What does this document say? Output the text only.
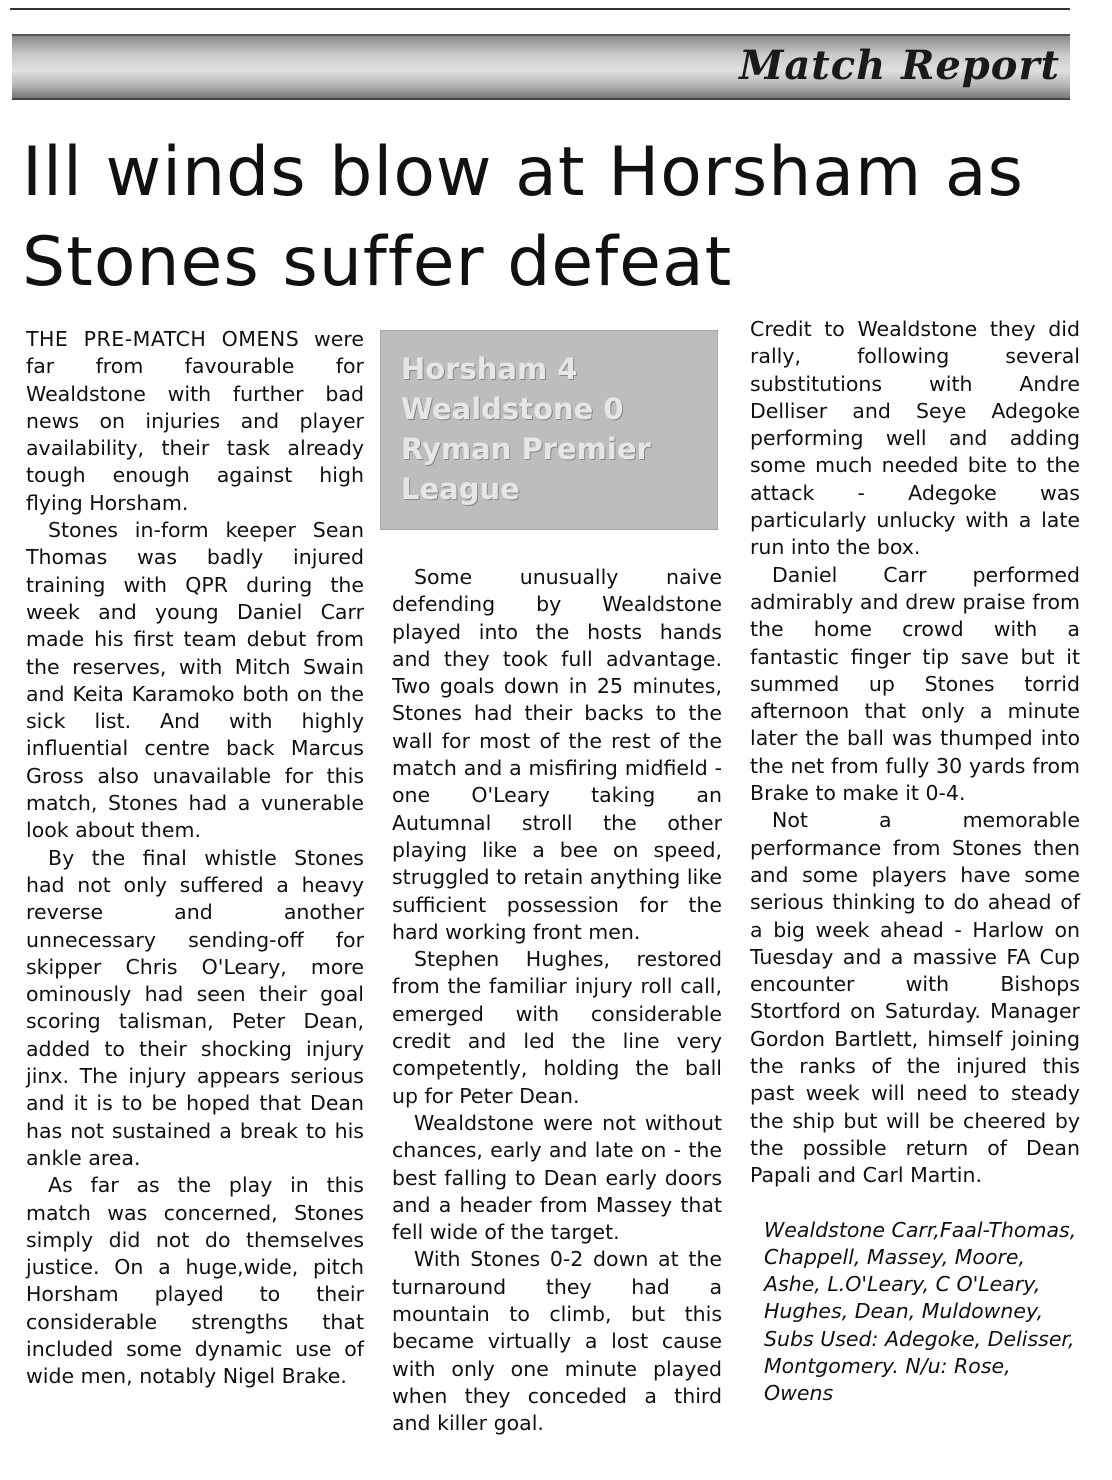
Match Report
Ill winds blow at Horsham as Stones suffer defeat

THE PRE-MATCH OMENS were far from favourable for Wealdstone with further bad news on injuries and player availability, their task already tough enough against high flying Horsham.

Stones in-form keeper Sean Thomas was badly injured training with QPR during the week and young Daniel Carr made his first team debut from the reserves, with Mitch Swain and Keita Karamoko both on the sick list. And with highly influential centre back Marcus Gross also unavailable for this match, Stones had a vunerable look about them.

By the final whistle Stones had not only suffered a heavy reverse and another unnecessary sending-off for skipper Chris O'Leary, more ominously had seen their goal scoring talisman, Peter Dean, added to their shocking injury jinx. The injury appears serious and it is to be hoped that Dean has not sustained a break to his ankle area.

As far as the play in this match was concerned, Stones simply did not do themselves justice. On a huge,wide, pitch Horsham played to their considerable strengths that included some dynamic use of wide men, notably Nigel Brake.

Horsham 4
Wealdstone 0
Ryman Premier
League

Some unusually naive defending by Wealdstone played into the hosts hands and they took full advantage. Two goals down in 25 minutes, Stones had their backs to the wall for most of the rest of the match and a misfiring midfield - one O'Leary taking an Autumnal stroll the other playing like a bee on speed, struggled to retain anything like sufficient possession for the hard working front men.

Stephen Hughes, restored from the familiar injury roll call, emerged with considerable credit and led the line very competently, holding the ball up for Peter Dean.

Wealdstone were not without chances, early and late on - the best falling to Dean early doors and a header from Massey that fell wide of the target.

With Stones 0-2 down at the turnaround they had a mountain to climb, but this became virtually a lost cause with only one minute played when they conceded a third and killer goal.

Credit to Wealdstone they did rally, following several substitutions with Andre Delliser and Seye Adegoke performing well and adding some much needed bite to the attack - Adegoke was particularly unlucky with a late run into the box.

Daniel Carr performed admirably and drew praise from the home crowd with a fantastic finger tip save but it summed up Stones torrid afternoon that only a minute later the ball was thumped into the net from fully 30 yards from Brake to make it 0-4.

Not a memorable performance from Stones then and some players have some serious thinking to do ahead of a big week ahead - Harlow on Tuesday and a massive FA Cup encounter with Bishops Stortford on Saturday. Manager Gordon Bartlett, himself joining the ranks of the injured this past week will need to steady the ship but will be cheered by the possible return of Dean Papali and Carl Martin.

Wealdstone Carr,Faal-Thomas, Chappell, Massey, Moore, Ashe, L.O'Leary, C O'Leary, Hughes, Dean, Muldowney, Subs Used: Adegoke, Delisser, Montgomery. N/u: Rose, Owens
